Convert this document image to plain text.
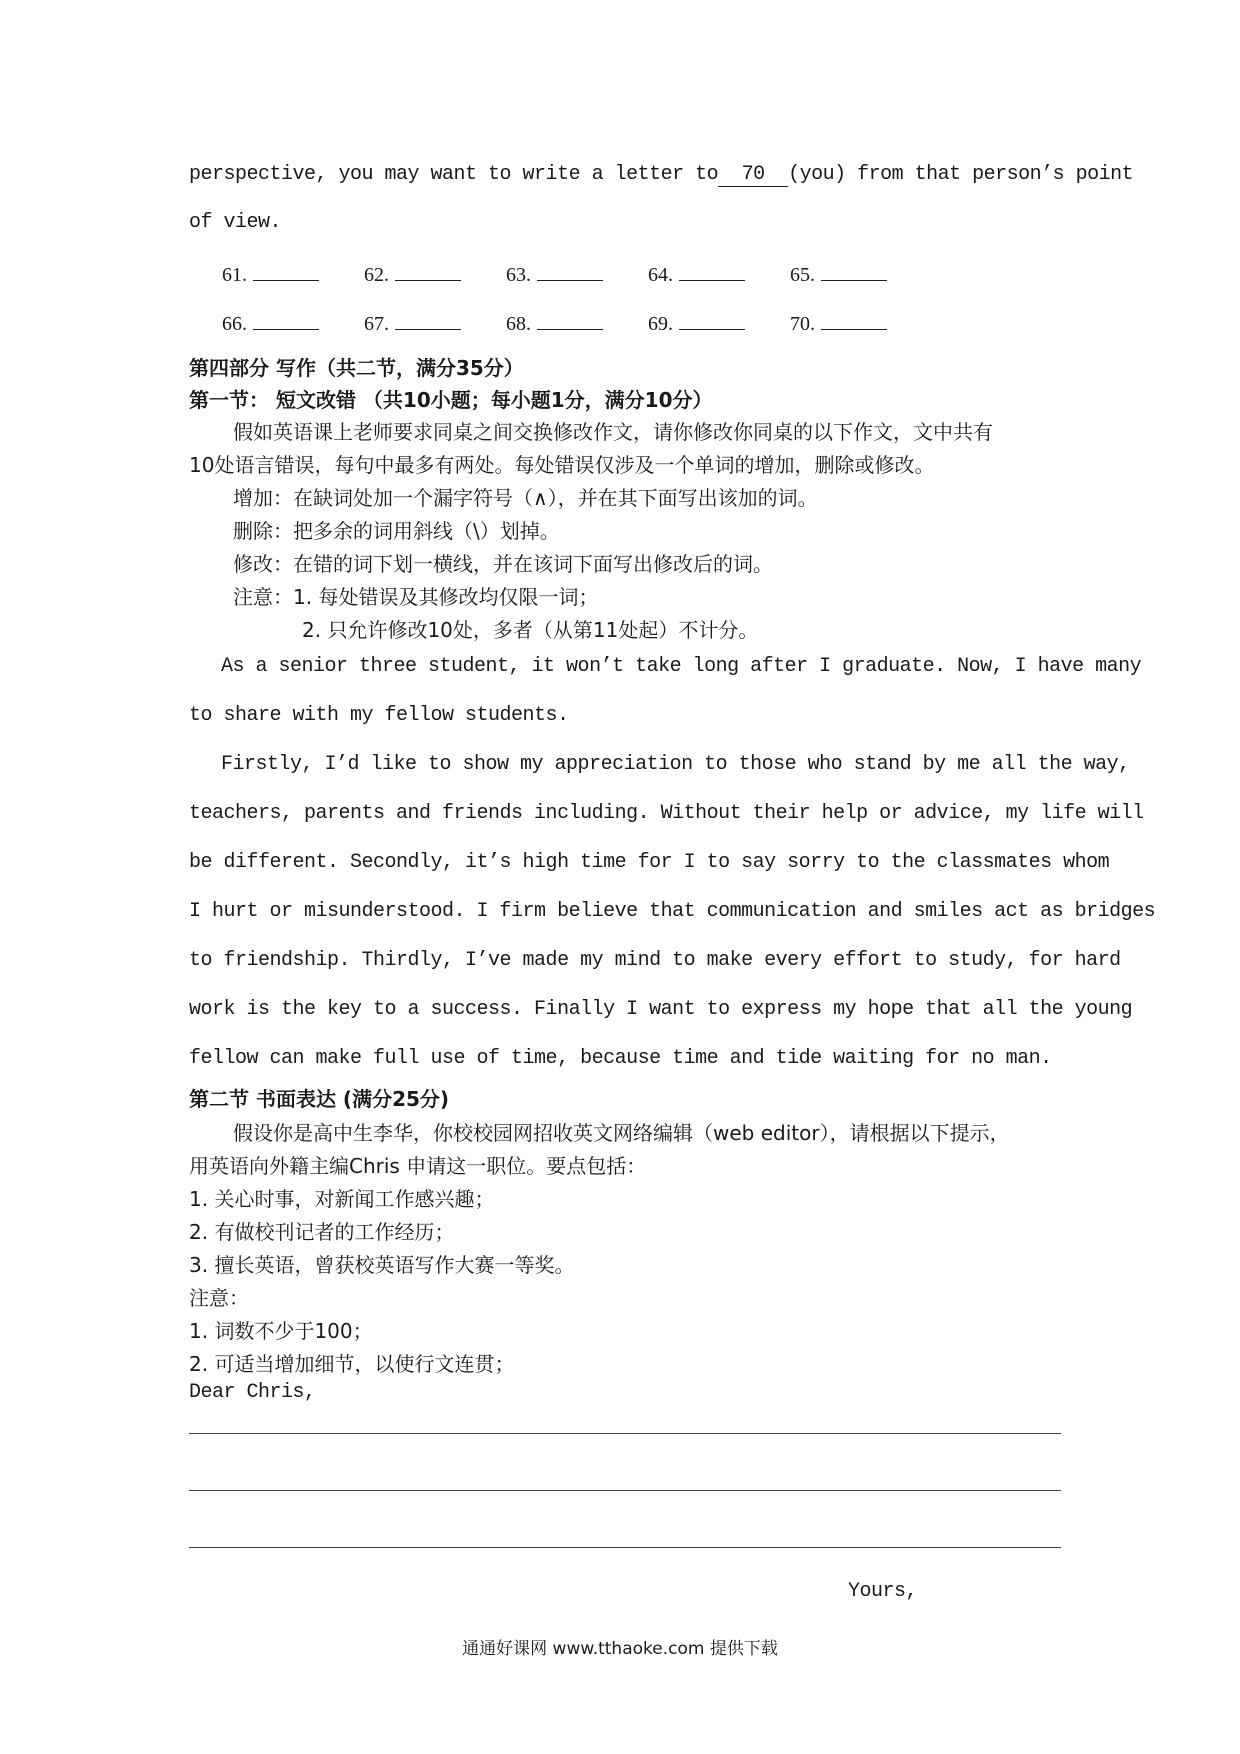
perspective, you may want to write a letter to 70 (you) from that person’s point
of view.
61.	62.	63.	64.	65.
66.	67.	68.	69.	70.
第四部分 写作（共二节，满分35分）
第一节： 短文改错 （共10小题；每小题1分，满分10分）
假如英语课上老师要求同桌之间交换修改作文，请你修改你同桌的以下作文，文中共有
10处语言错误，每句中最多有两处。每处错误仅涉及一个单词的增加，删除或修改。
增加：在缺词处加一个漏字符号（∧），并在其下面写出该加的词。
删除：把多余的词用斜线（\）划掉。
修改：在错的词下划一横线，并在该词下面写出修改后的词。
注意：1. 每处错误及其修改均仅限一词；
2. 只允许修改10处，多者（从第11处起）不计分。
As a senior three student, it won’t take long after I graduate. Now, I have many
to share with my fellow students.
Firstly, I’d like to show my appreciation to those who stand by me all the way,
teachers, parents and friends including. Without their help or advice, my life will
be different. Secondly, it’s high time for I to say sorry to the classmates whom
I hurt or misunderstood. I firm believe that communication and smiles act as bridges
to friendship. Thirdly, I’ve made my mind to make every effort to study, for hard
work is the key to a success. Finally I want to express my hope that all the young
fellow can make full use of time, because time and tide waiting for no man.
第二节 书面表达 (满分25分)
假设你是高中生李华，你校校园网招收英文网络编辑（web editor），请根据以下提示，
用英语向外籍主编Chris 申请这一职位。要点包括：
1. 关心时事，对新闻工作感兴趣；
2. 有做校刊记者的工作经历；
3. 擅长英语，曾获校英语写作大赛一等奖。
注意：
1. 词数不少于100；
2. 可适当增加细节，以使行文连贯；
Dear Chris,
Yours,
通通好课网 www.tthaoke.com 提供下载
